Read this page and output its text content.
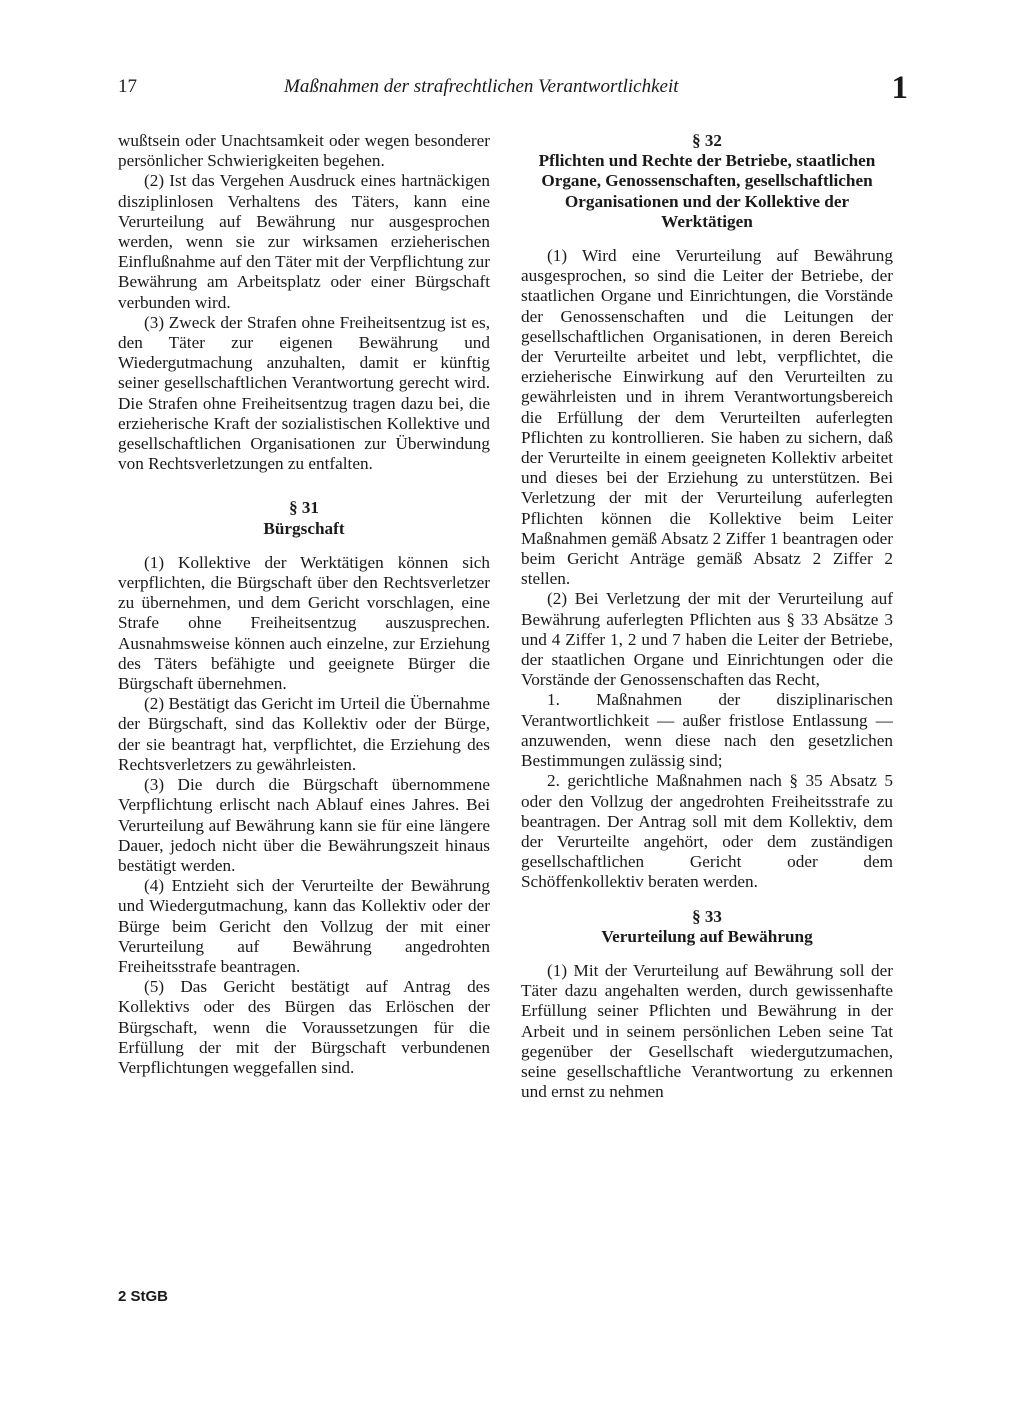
17	Maßnahmen der strafrechtlichen Verantwortlichkeit	1

wußtsein oder Unachtsamkeit oder wegen besonderer persönlicher Schwierigkeiten begehen.

(2) Ist das Vergehen Ausdruck eines hartnäckigen disziplinlosen Verhaltens des Täters, kann eine Verurteilung auf Bewährung nur ausgesprochen werden, wenn sie zur wirksamen erzieherischen Einflußnahme auf den Täter mit der Verpflichtung zur Bewährung am Arbeitsplatz oder einer Bürgschaft verbunden wird.

(3) Zweck der Strafen ohne Freiheitsentzug ist es, den Täter zur eigenen Bewährung und Wiedergutmachung anzuhalten, damit er künftig seiner gesellschaftlichen Verantwortung gerecht wird. Die Strafen ohne Freiheitsentzug tragen dazu bei, die erzieherische Kraft der sozialistischen Kollektive und gesellschaftlichen Organisationen zur Überwindung von Rechtsverletzungen zu entfalten.

§ 31

Bürgschaft

(1) Kollektive der Werktätigen können sich verpflichten, die Bürgschaft über den Rechtsverletzer zu übernehmen, und dem Gericht vorschlagen, eine Strafe ohne Freiheitsentzug auszusprechen. Ausnahmsweise können auch einzelne, zur Erziehung des Täters befähigte und geeignete Bürger die Bürgschaft übernehmen.

(2) Bestätigt das Gericht im Urteil die Übernahme der Bürgschaft, sind das Kollektiv oder der Bürge, der sie beantragt hat, verpflichtet, die Erziehung des Rechtsverletzers zu gewährleisten.

(3) Die durch die Bürgschaft übernommene Verpflichtung erlischt nach Ablauf eines Jahres. Bei Verurteilung auf Bewährung kann sie für eine längere Dauer, jedoch nicht über die Bewährungszeit hinaus bestätigt werden.

(4) Entzieht sich der Verurteilte der Bewährung und Wiedergutmachung, kann das Kollektiv oder der Bürge beim Gericht den Vollzug der mit einer Verurteilung auf Bewährung angedrohten Freiheitsstrafe beantragen.

(5) Das Gericht bestätigt auf Antrag des Kollektivs oder des Bürgen das Erlöschen der Bürgschaft, wenn die Voraussetzungen für die Erfüllung der mit der Bürgschaft verbundenen Verpflichtungen weggefallen sind.

§ 32

Pflichten und Rechte der Betriebe, staatlichen Organe, Genossenschaften, gesellschaftlichen Organisationen und der Kollektive der Werktätigen

(1) Wird eine Verurteilung auf Bewährung ausgesprochen, so sind die Leiter der Betriebe, der staatlichen Organe und Einrichtungen, die Vorstände der Genossenschaften und die Leitungen der gesellschaftlichen Organisationen, in deren Bereich der Verurteilte arbeitet und lebt, verpflichtet, die erzieherische Einwirkung auf den Verurteilten zu gewährleisten und in ihrem Verantwortungsbereich die Erfüllung der dem Verurteilten auferlegten Pflichten zu kontrollieren. Sie haben zu sichern, daß der Verurteilte in einem geeigneten Kollektiv arbeitet und dieses bei der Erziehung zu unterstützen. Bei Verletzung der mit der Verurteilung auferlegten Pflichten können die Kollektive beim Leiter Maßnahmen gemäß Absatz 2 Ziffer 1 beantragen oder beim Gericht Anträge gemäß Absatz 2 Ziffer 2 stellen.

(2) Bei Verletzung der mit der Verurteilung auf Bewährung auferlegten Pflichten aus § 33 Absätze 3 und 4 Ziffer 1, 2 und 7 haben die Leiter der Betriebe, der staatlichen Organe und Einrichtungen oder die Vorstände der Genossenschaften das Recht,

1. Maßnahmen der disziplinarischen Verantwortlichkeit — außer fristlose Entlassung — anzuwenden, wenn diese nach den gesetzlichen Bestimmungen zulässig sind;

2. gerichtliche Maßnahmen nach § 35 Absatz 5 oder den Vollzug der angedrohten Freiheitsstrafe zu beantragen. Der Antrag soll mit dem Kollektiv, dem der Verurteilte angehört, oder dem zuständigen gesellschaftlichen Gericht oder dem Schöffenkollektiv beraten werden.

§ 33

Verurteilung auf Bewährung

(1) Mit der Verurteilung auf Bewährung soll der Täter dazu angehalten werden, durch gewissenhafte Erfüllung seiner Pflichten und Bewährung in der Arbeit und in seinem persönlichen Leben seine Tat gegenüber der Gesellschaft wiedergutzumachen, seine gesellschaftliche Verantwortung zu erkennen und ernst zu nehmen

2 StGB
